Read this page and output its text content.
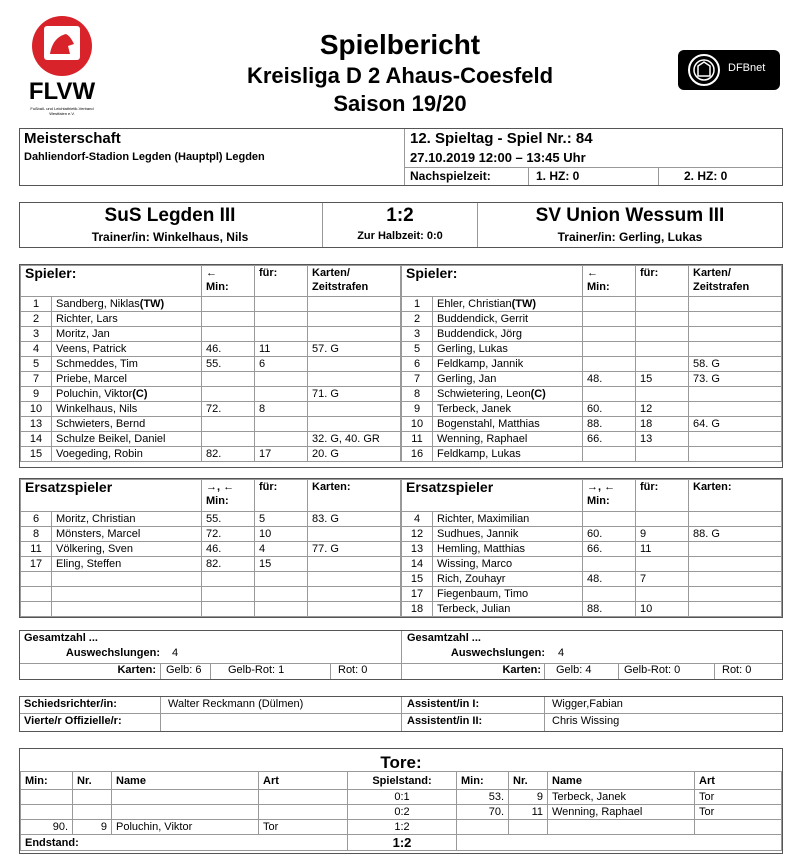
FLVW
Fußball- und Leichtathletik-Verband Westfalen e.V.
Spielbericht
Kreisliga D 2 Ahaus-Coesfeld
Saison 19/20
DFBnet
Meisterschaft
Dahliendorf-Stadion Legden (Hauptpl) Legden
12. Spieltag - Spiel Nr.: 84
27.10.2019 12:00 – 13:45 Uhr
Nachspielzeit:	1. HZ: 0	2. HZ: 0
SuS Legden III
Trainer/in: Winkelhaus, Nils
1:2
Zur Halbzeit: 0:0
SV Union Wessum III
Trainer/in: Gerling, Lukas
Spieler:		←
Min:	für:	Karten/
Zeitstrafen
1	Sandberg, Niklas(TW)			
2	Richter, Lars			
3	Moritz, Jan			
4	Veens, Patrick	46.	11	57. G
5	Schmeddes, Tim	55.	6	
7	Priebe, Marcel			
9	Poluchin, Viktor(C)			71. G
10	Winkelhaus, Nils	72.	8	
13	Schwieters, Bernd			
14	Schulze Beikel, Daniel			32. G, 40. GR
15	Voegeding, Robin	82.	17	20. G
Spieler:		←
Min:	für:	Karten/
Zeitstrafen
1	Ehler, Christian(TW)			
2	Buddendick, Gerrit			
3	Buddendick, Jörg			
5	Gerling, Lukas			
6	Feldkamp, Jannik			58. G
7	Gerling, Jan	48.	15	73. G
8	Schwietering, Leon(C)			
9	Terbeck, Janek	60.	12	
10	Bogenstahl, Matthias	88.	18	64. G
11	Wenning, Raphael	66.	13	
16	Feldkamp, Lukas			
Ersatzspieler		→, ←
Min:	für:	Karten:
6	Moritz, Christian	55.	5	83. G
8	Mönsters, Marcel	72.	10	
11	Völkering, Sven	46.	4	77. G
17	Eling, Steffen	82.	15	

Ersatzspieler		→, ←
Min:	für:	Karten:
4	Richter, Maximilian			
12	Sudhues, Jannik	60.	9	88. G
13	Hemling, Matthias	66.	11	
14	Wissing, Marco			
15	Rich, Zouhayr	48.	7	
17	Fiegenbaum, Timo			
18	Terbeck, Julian	88.	10	
Gesamtzahl ...
Auswechslungen: 4
Karten: Gelb: 6 Gelb-Rot: 1	Rot: 0
Gesamtzahl ...
Auswechslungen: 4
Karten: Gelb: 4	Gelb-Rot: 0	Rot: 0
Schiedsrichter/in:	Walter Reckmann (Dülmen)
Vierte/r Offizielle/r:
Assistent/in I:	Wigger,Fabian
Assistent/in II:	Chris Wissing
Tore:
Min:	Nr.	Name	Art	Spielstand:	Min:	Nr.	Name	Art
				0:1	53.	9	Terbeck, Janek	Tor
				0:2	70.	11	Wenning, Raphael	Tor
90.	9	Poluchin, Viktor	Tor	1:2				
Endstand:				1:2				
